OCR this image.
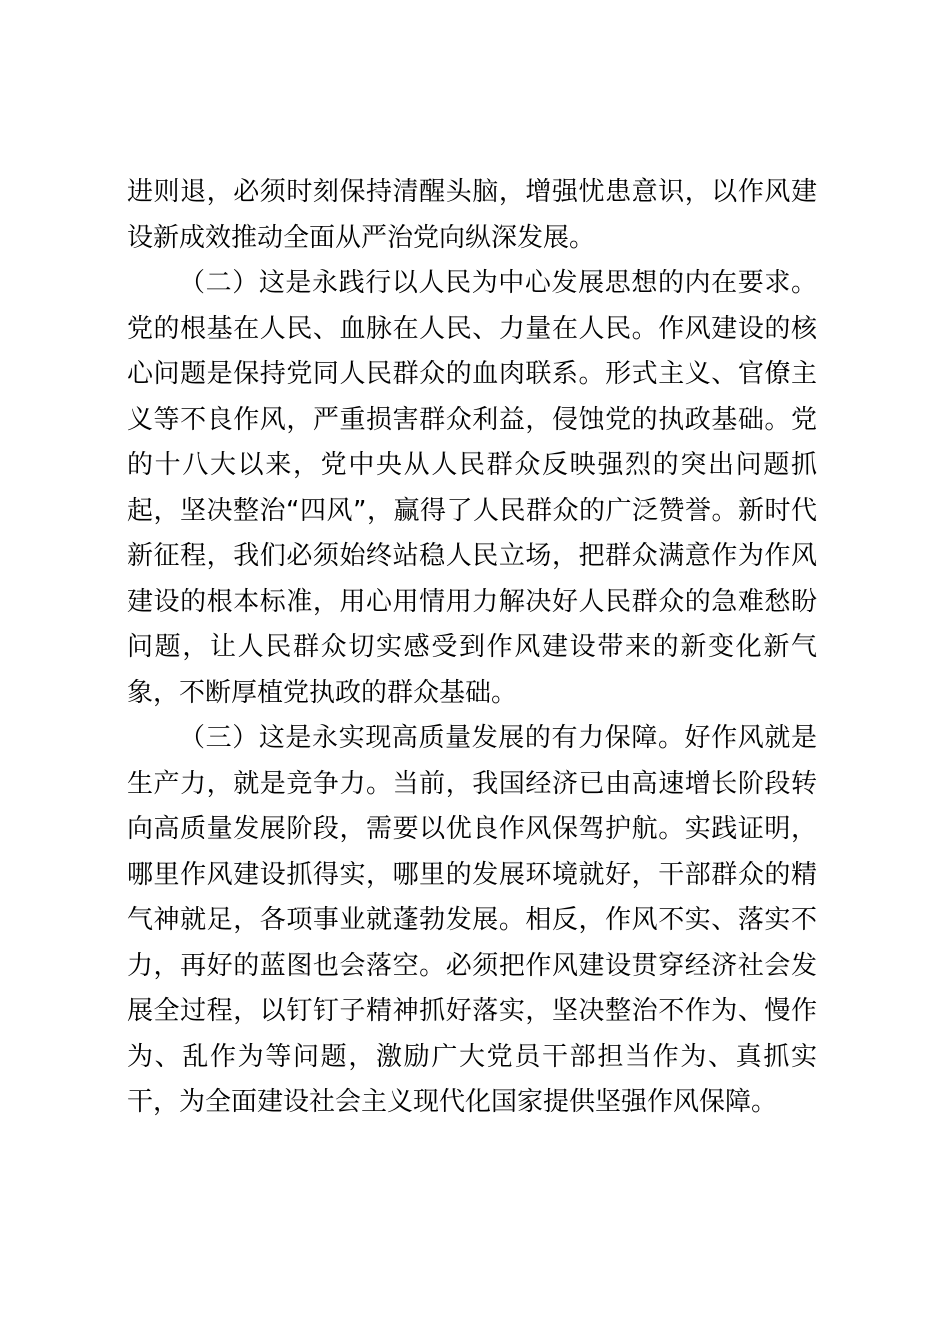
进则退，必须时刻保持清醒头脑，增强忧患意识，以作风建设新成效推动全面从严治党向纵深发展。

（二）这是永践行以人民为中心发展思想的内在要求。党的根基在人民、血脉在人民、力量在人民。作风建设的核心问题是保持党同人民群众的血肉联系。形式主义、官僚主义等不良作风，严重损害群众利益，侵蚀党的执政基础。党的十八大以来，党中央从人民群众反映强烈的突出问题抓起，坚决整治“四风”，赢得了人民群众的广泛赞誉。新时代新征程，我们必须始终站稳人民立场，把群众满意作为作风建设的根本标准，用心用情用力解决好人民群众的急难愁盼问题，让人民群众切实感受到作风建设带来的新变化新气象，不断厚植党执政的群众基础。

（三）这是永实现高质量发展的有力保障。好作风就是生产力，就是竞争力。当前，我国经济已由高速增长阶段转向高质量发展阶段，需要以优良作风保驾护航。实践证明，哪里作风建设抓得实，哪里的发展环境就好，干部群众的精气神就足，各项事业就蓬勃发展。相反，作风不实、落实不力，再好的蓝图也会落空。必须把作风建设贯穿经济社会发展全过程，以钉钉子精神抓好落实，坚决整治不作为、慢作为、乱作为等问题，激励广大党员干部担当作为、真抓实干，为全面建设社会主义现代化国家提供坚强作风保障。
